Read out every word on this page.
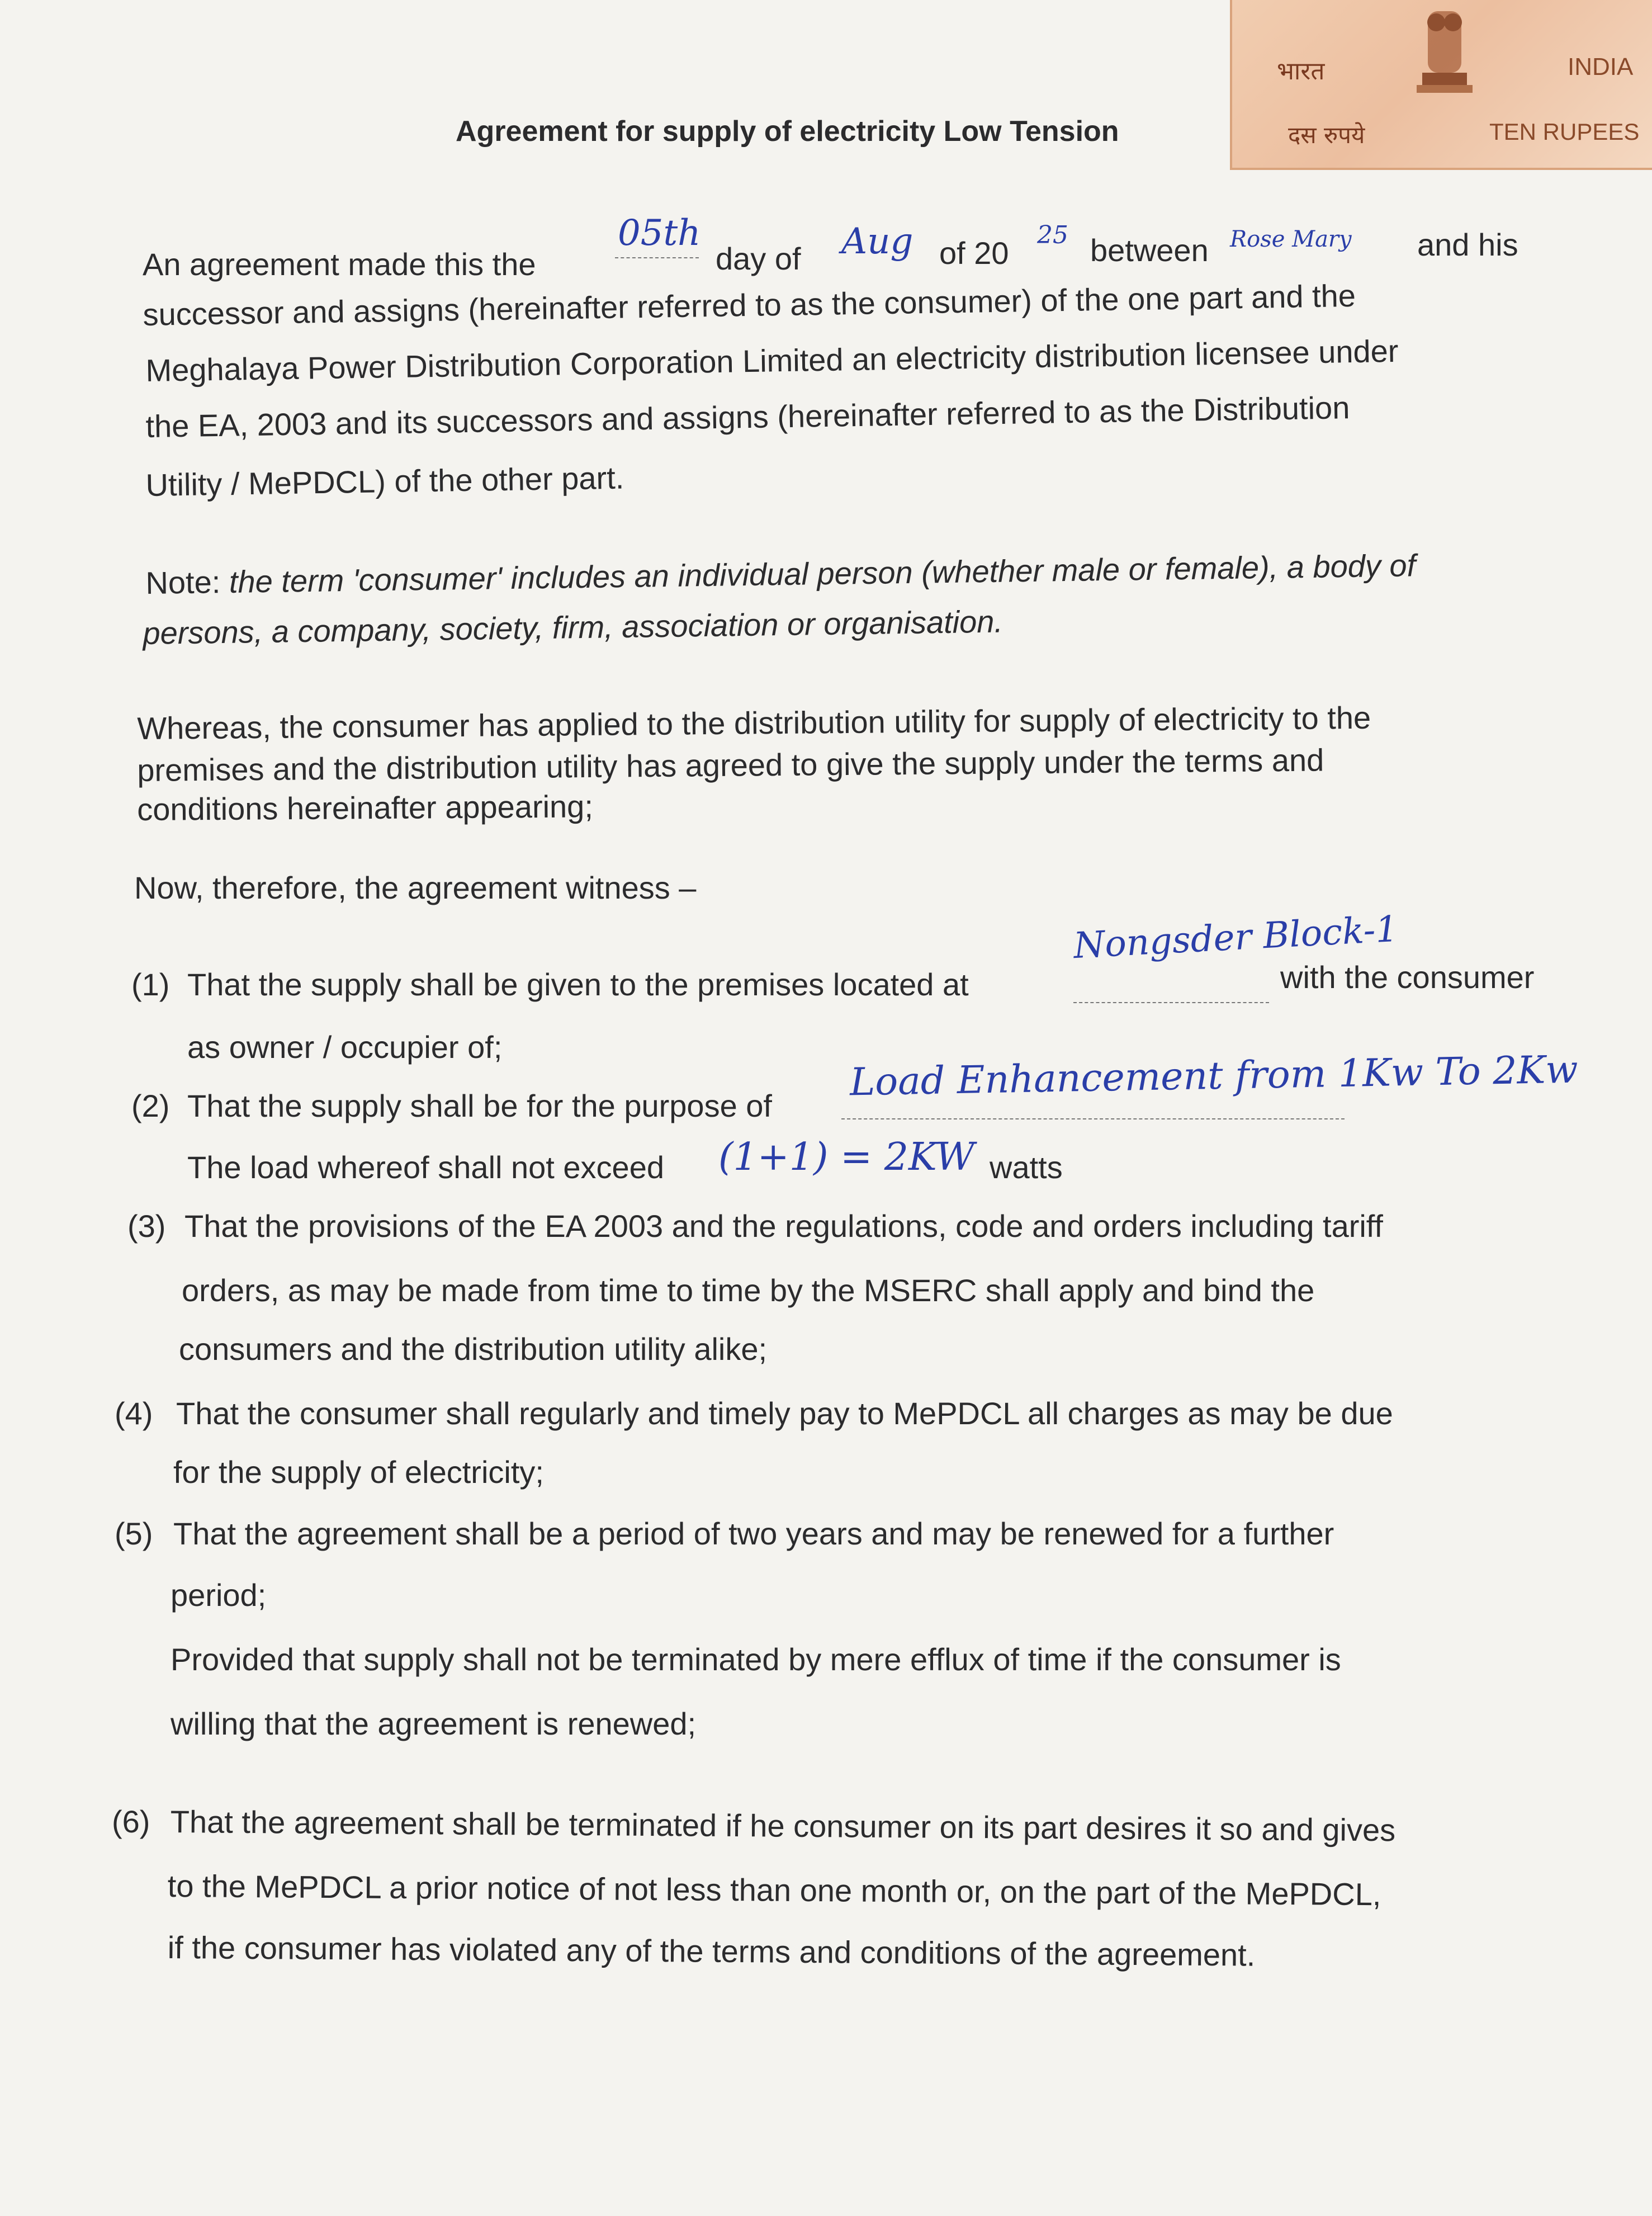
भारत	INDIA
दस रुपये	TEN RUPEES
Agreement for supply of electricity Low Tension
An agreement made this the
05th
day of Aug of 20
25 between Rose Mary and his
successor and assigns (hereinafter referred to as the consumer) of the one part and the
Meghalaya Power Distribution Corporation Limited an electricity distribution licensee under
the EA, 2003 and its successors and assigns (hereinafter referred to as the Distribution
Utility / MePDCL) of the other part.
Note: the term 'consumer' includes an individual person (whether male or female), a body of
persons, a company, society, firm, association or organisation.
Whereas, the consumer has applied to the distribution utility for supply of electricity to the
premises and the distribution utility has agreed to give the supply under the terms and
conditions hereinafter appearing;
Now, therefore, the agreement witness –
(1) That the supply shall be given to the premises located at
Nongsder Block-1
with the consumer
as owner / occupier of;
(2) That the supply shall be for the purpose of
Load Enhancement from 1Kw To 2Kw
The load whereof shall not exceed (1+1) = 2KW watts
(3) That the provisions of the EA 2003 and the regulations, code and orders including tariff
orders, as may be made from time to time by the MSERC shall apply and bind the
consumers and the distribution utility alike;
(4) That the consumer shall regularly and timely pay to MePDCL all charges as may be due
for the supply of electricity;
(5) That the agreement shall be a period of two years and may be renewed for a further
period;
Provided that supply shall not be terminated by mere efflux of time if the consumer is
willing that the agreement is renewed;
(6) That the agreement shall be terminated if he consumer on its part desires it so and gives
to the MePDCL a prior notice of not less than one month or, on the part of the MePDCL,
if the consumer has violated any of the terms and conditions of the agreement.
